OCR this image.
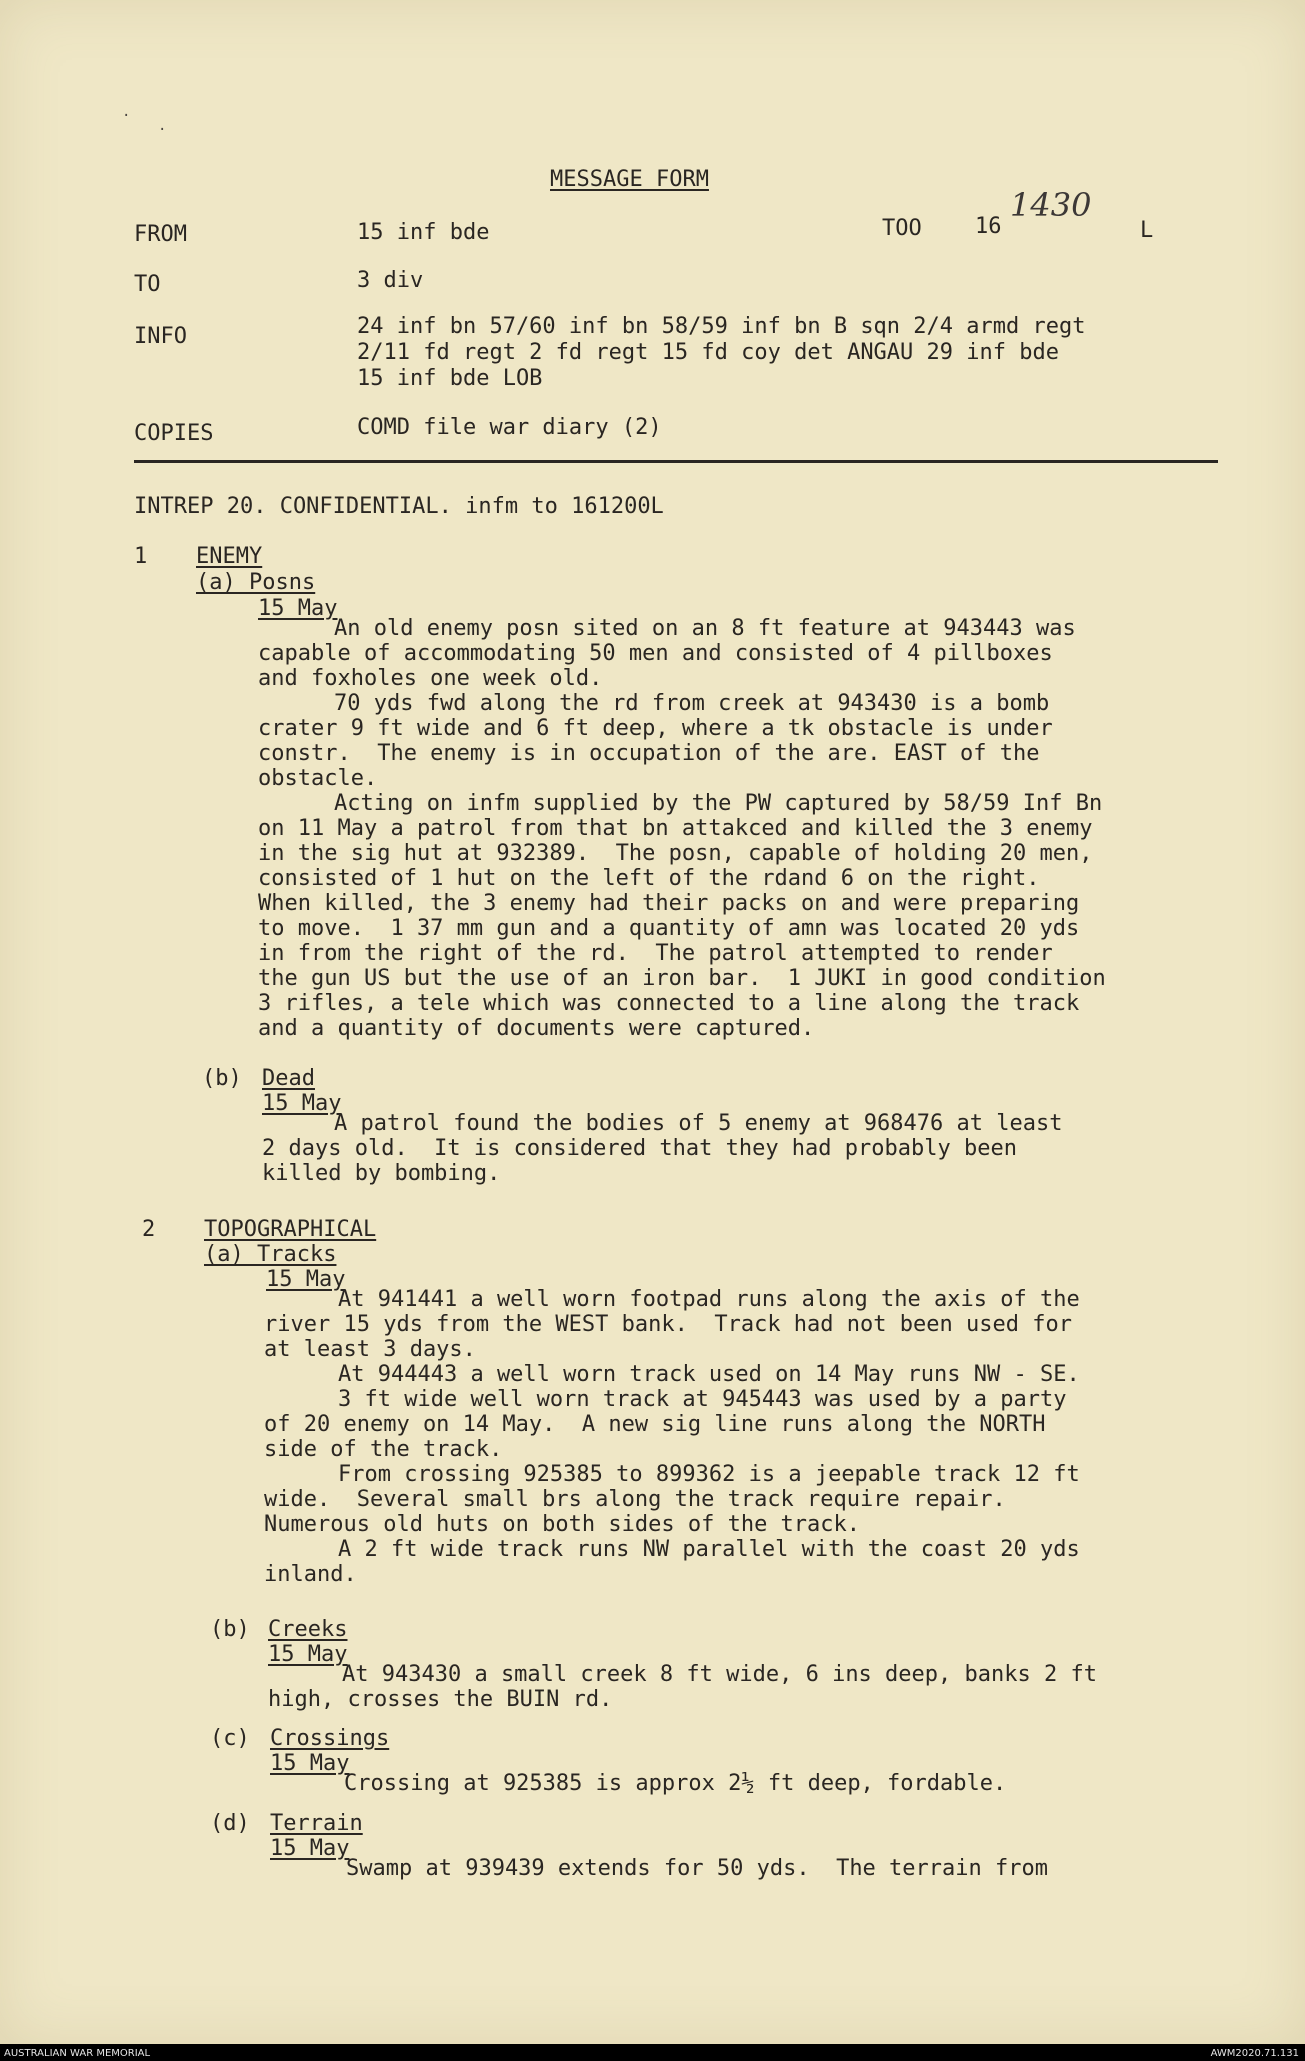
·
·
MESSAGE FORM
FROM	15 inf bde	TOO 16
1430
L
TO	3 div
INFO	24 inf bn 57/60 inf bn 58/59 inf bn B sqn 2/4 armd regt
2/11 fd regt 2 fd regt 15 fd coy det ANGAU 29 inf bde
15 inf bde LOB
COPIES	COMD file war diary (2)
INTREP 20. CONFIDENTIAL. infm to 161200L
1 ENEMY
(a) Posns
15 May
An old enemy posn sited on an 8 ft feature at 943443 was
capable of accommodating 50 men and consisted of 4 pillboxes
and foxholes one week old.
70 yds fwd along the rd from creek at 943430 is a bomb
crater 9 ft wide and 6 ft deep, where a tk obstacle is under
constr.  The enemy is in occupation of the are. EAST of the
obstacle.
Acting on infm supplied by the PW captured by 58/59 Inf Bn
on 11 May a patrol from that bn attakced and killed the 3 enemy
in the sig hut at 932389.  The posn, capable of holding 20 men,
consisted of 1 hut on the left of the rdand 6 on the right.
When killed, the 3 enemy had their packs on and were preparing
to move.  1 37 mm gun and a quantity of amn was located 20 yds
in from the right of the rd.  The patrol attempted to render
the gun US but the use of an iron bar.  1 JUKI in good condition
3 rifles, a tele which was connected to a line along the track
and a quantity of documents were captured.
(b) Dead
15 May
A patrol found the bodies of 5 enemy at 968476 at least
2 days old.  It is considered that they had probably been
killed by bombing.
2 TOPOGRAPHICAL
(a) Tracks
15 May
At 941441 a well worn footpad runs along the axis of the
river 15 yds from the WEST bank.  Track had not been used for
at least 3 days.
At 944443 a well worn track used on 14 May runs NW - SE.
3 ft wide well worn track at 945443 was used by a party
of 20 enemy on 14 May.  A new sig line runs along the NORTH
side of the track.
From crossing 925385 to 899362 is a jeepable track 12 ft
wide.  Several small brs along the track require repair.
Numerous old huts on both sides of the track.
A 2 ft wide track runs NW parallel with the coast 20 yds
inland.
(b) Creeks
15 May
At 943430 a small creek 8 ft wide, 6 ins deep, banks 2 ft
high, crosses the BUIN rd.
(c) Crossings
15 May
Crossing at 925385 is approx 2½ ft deep, fordable.
(d) Terrain
15 May
Swamp at 939439 extends for 50 yds.  The terrain from
AUSTRALIAN WAR MEMORIAL	AWM2020.71.131
